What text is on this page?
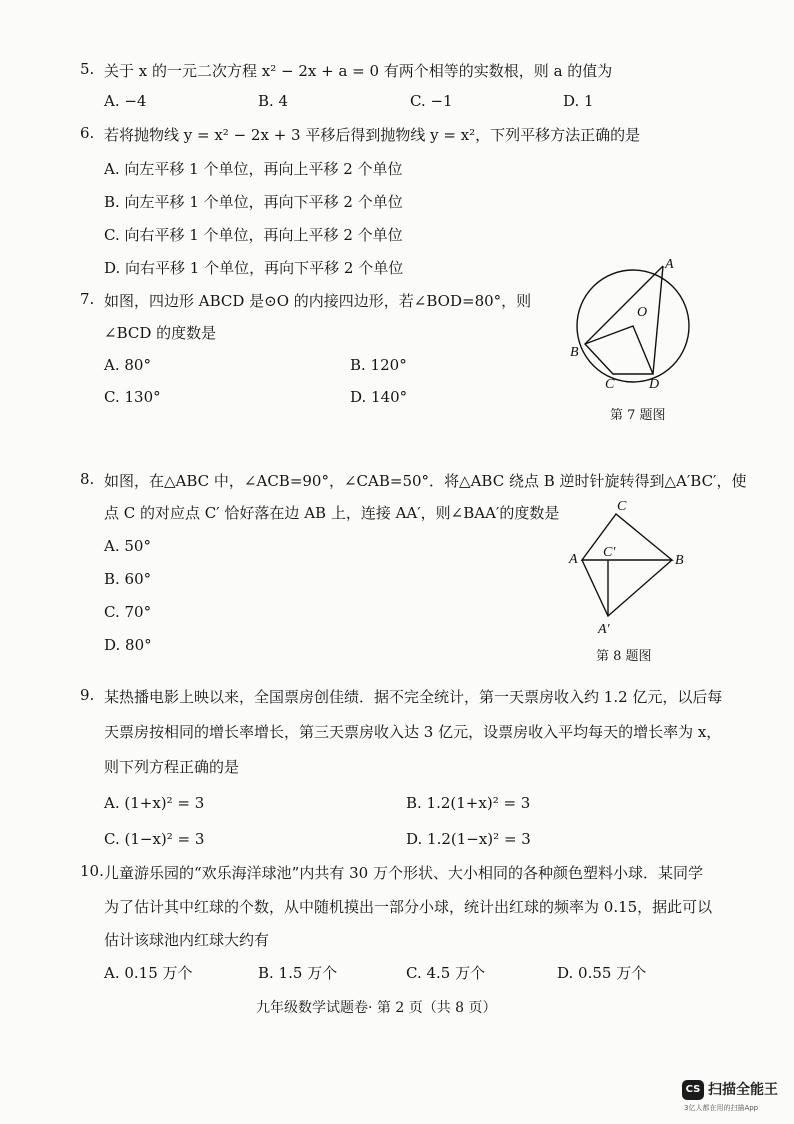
5. 关于 x 的一元二次方程 x² − 2x + a = 0 有两个相等的实数根，则 a 的值为
A. −4	B. 4	C. −1	D. 1
6. 若将抛物线 y = x² − 2x + 3 平移后得到抛物线 y = x²，下列平移方法正确的是
A. 向左平移 1 个单位，再向上平移 2 个单位
B. 向左平移 1 个单位，再向下平移 2 个单位
C. 向右平移 1 个单位，再向上平移 2 个单位
D. 向右平移 1 个单位，再向下平移 2 个单位
7. 如图，四边形 ABCD 是⊙O 的内接四边形，若∠BOD=80°，则
∠BCD 的度数是
A. 80°	B. 120°
C. 130°	D. 140°
A
O
B
C D
第 7 题图
8. 如图，在△ABC 中，∠ACB=90°，∠CAB=50°．将△ABC 绕点 B 逆时针旋转得到△A′BC′，使
点 C 的对应点 C′ 恰好落在边 AB 上，连接 AA′，则∠BAA′的度数是
A. 50°
B. 60°
C. 70°
D. 80°
C
A C′
B
A′
第 8 题图
9. 某热播电影上映以来，全国票房创佳绩．据不完全统计，第一天票房收入约 1.2 亿元，以后每
天票房按相同的增长率增长，第三天票房收入达 3 亿元，设票房收入平均每天的增长率为 x，
则下列方程正确的是
A. (1+x)² = 3	B. 1.2(1+x)² = 3
C. (1−x)² = 3	D. 1.2(1−x)² = 3
10. 儿童游乐园的“欢乐海洋球池”内共有 30 万个形状、大小相同的各种颜色塑料小球．某同学
为了估计其中红球的个数，从中随机摸出一部分小球，统计出红球的频率为 0.15，据此可以
估计该球池内红球大约有
A. 0.15 万个	B. 1.5 万个	C. 4.5 万个	D. 0.55 万个
九年级数学试题卷· 第 2 页（共 8 页）
CS 扫描全能王
3亿人都在用的扫描App
